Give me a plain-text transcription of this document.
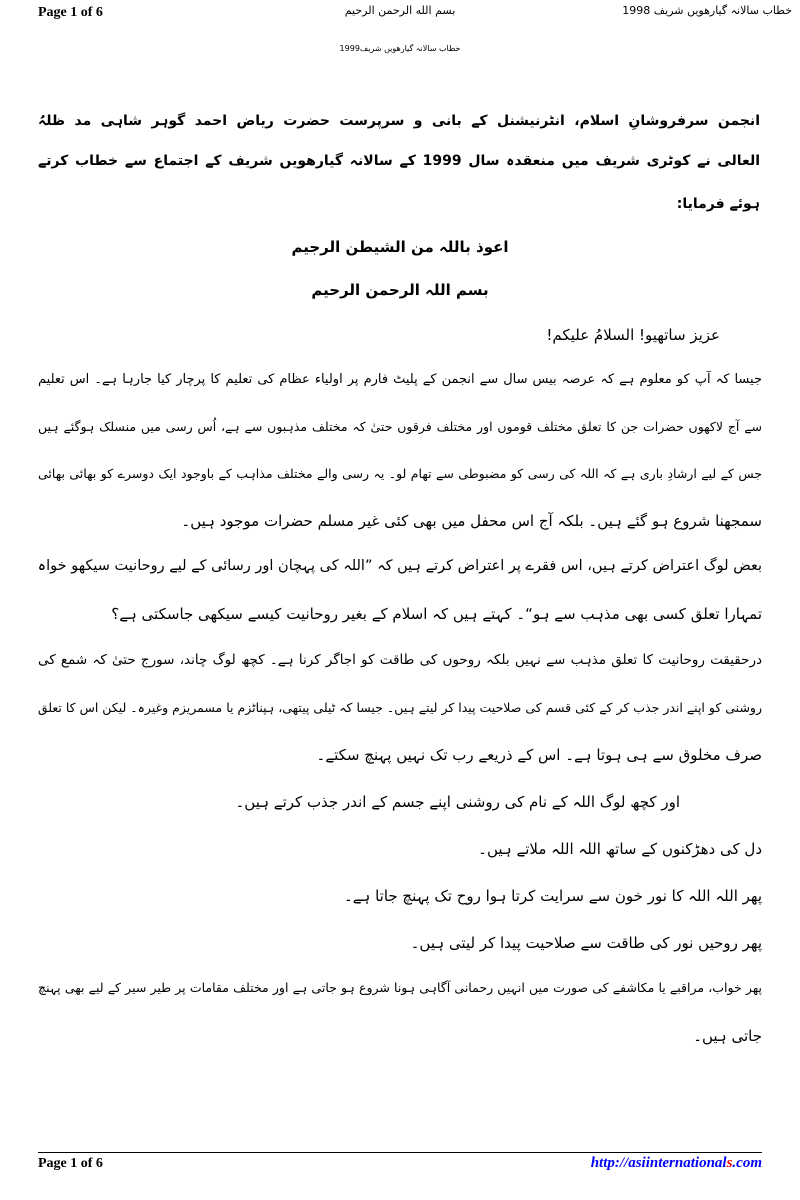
Page 1 of 6	بسم الله الرحمن الرحیم	خطاب سالانہ گیارھویں شریف 1998
خطاب سالانہ گیارھویں شریف1999
انجمن سرفروشانِ اسلام، انٹرنیشنل کے بانی و سرپرست حضرت ریاض احمد گوہر شاہی مد ظلہُ
العالی نے کوٹری شریف میں منعقدہ سال 1999 کے سالانہ گیارھویں شریف کے اجتماع سے خطاب کرتے
ہوئے فرمایا:
اعوذ باللہ من الشیطن الرجیم
بسم اللہ الرحمن الرحیم
عزیز ساتھیو! السلامُ علیکم!
جیسا کہ آپ کو معلوم ہے کہ عرصہ بیس سال سے انجمن کے پلیٹ فارم پر اولیاء عظام کی تعلیم کا پرچار کیا جارہا ہے۔ اس تعلیم
سے آج لاکھوں حضرات جن کا تعلق مختلف قوموں اور مختلف فرقوں حتیٰ کہ مختلف مذہبوں سے ہے، اُس رسی میں منسلک ہوگئے ہیں
جس کے لیے ارشادِ باری ہے کہ اللہ کی رسی کو مضبوطی سے تھام لو۔ یہ رسی والے مختلف مذاہب کے باوجود ایک دوسرے کو بھائی بھائی
سمجھنا شروع ہو گئے ہیں۔ بلکہ آج اس محفل میں بھی کئی غیر مسلم حضرات موجود ہیں۔
بعض لوگ اعتراض کرتے ہیں، اس فقرے پر اعتراض کرتے ہیں کہ ”اللہ کی پہچان اور رسائی کے لیے روحانیت سیکھو خواہ
تمہارا تعلق کسی بھی مذہب سے ہو“۔ کہتے ہیں کہ اسلام کے بغیر روحانیت کیسے سیکھی جاسکتی ہے؟
درحقیقت روحانیت کا تعلق مذہب سے نہیں بلکہ روحوں کی طاقت کو اجاگر کرنا ہے۔ کچھ لوگ چاند، سورج حتیٰ کہ شمع کی
روشنی کو اپنے اندر جذب کر کے کئی قسم کی صلاحیت پیدا کر لیتے ہیں۔ جیسا کہ ٹیلی پیتھی، ہپناٹزم یا مسمریزم وغیرہ۔ لیکن اس کا تعلق
صرف مخلوق سے ہی ہوتا ہے۔ اس کے ذریعے رب تک نہیں پہنچ سکتے۔
اور کچھ لوگ اللہ کے نام کی روشنی اپنے جسم کے اندر جذب کرتے ہیں۔
دل کی دھڑکنوں کے ساتھ اللہ اللہ ملاتے ہیں۔
پھر اللہ اللہ کا نور خون سے سرایت کرتا ہوا روح تک پہنچ جاتا ہے۔
پھر روحیں نور کی طاقت سے صلاحیت پیدا کر لیتی ہیں۔
پھر خواب، مراقبے یا مکاشفے کی صورت میں انہیں رحمانی آگاہی ہونا شروع ہو جاتی ہے اور مختلف مقامات پر طیر سیر کے لیے بھی پہنچ
جاتی ہیں۔
Page 1 of 6	http://asiinternationals.com
